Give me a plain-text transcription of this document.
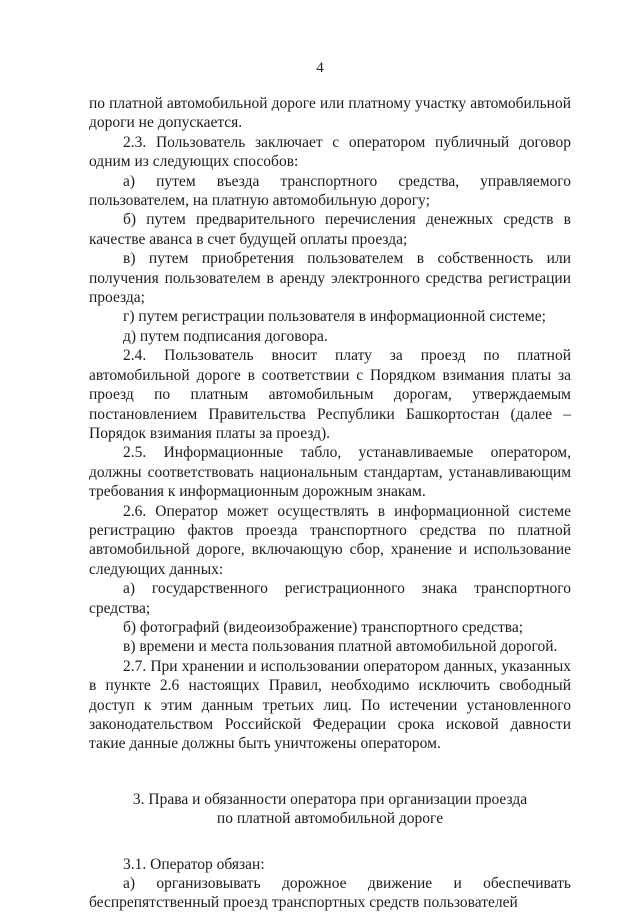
4

по платной автомобильной дороге или платному участку автомобильной дороги не допускается.

2.3. Пользователь заключает с оператором публичный договор одним из следующих способов:

а) путем въезда транспортного средства, управляемого пользователем, на платную автомобильную дорогу;

б) путем предварительного перечисления денежных средств в качестве аванса в счет будущей оплаты проезда;

в) путем приобретения пользователем в собственность или получения пользователем в аренду электронного средства регистрации проезда;

г) путем регистрации пользователя в информационной системе;

д) путем подписания договора.

2.4. Пользователь вносит плату за проезд по платной автомобильной дороге в соответствии с Порядком взимания платы за проезд по платным автомобильным дорогам, утверждаемым постановлением Правительства Республики Башкортостан (далее – Порядок взимания платы за проезд).

2.5. Информационные табло, устанавливаемые оператором, должны соответствовать национальным стандартам, устанавливающим требования к информационным дорожным знакам.

2.6. Оператор может осуществлять в информационной системе регистрацию фактов проезда транспортного средства по платной автомобильной дороге, включающую сбор, хранение и использование следующих данных:

а) государственного регистрационного знака транспортного средства;

б) фотографий (видеоизображение) транспортного средства;

в) времени и места пользования платной автомобильной дорогой.

2.7. При хранении и использовании оператором данных, указанных в пункте 2.6 настоящих Правил, необходимо исключить свободный доступ к этим данным третьих лиц. По истечении установленного законодательством Российской Федерации срока исковой давности такие данные должны быть уничтожены оператором.

3. Права и обязанности оператора при организации проезда

по платной автомобильной дороге

3.1. Оператор обязан:

а) организовывать дорожное движение и обеспечивать беспрепятственный проезд транспортных средств пользователей
